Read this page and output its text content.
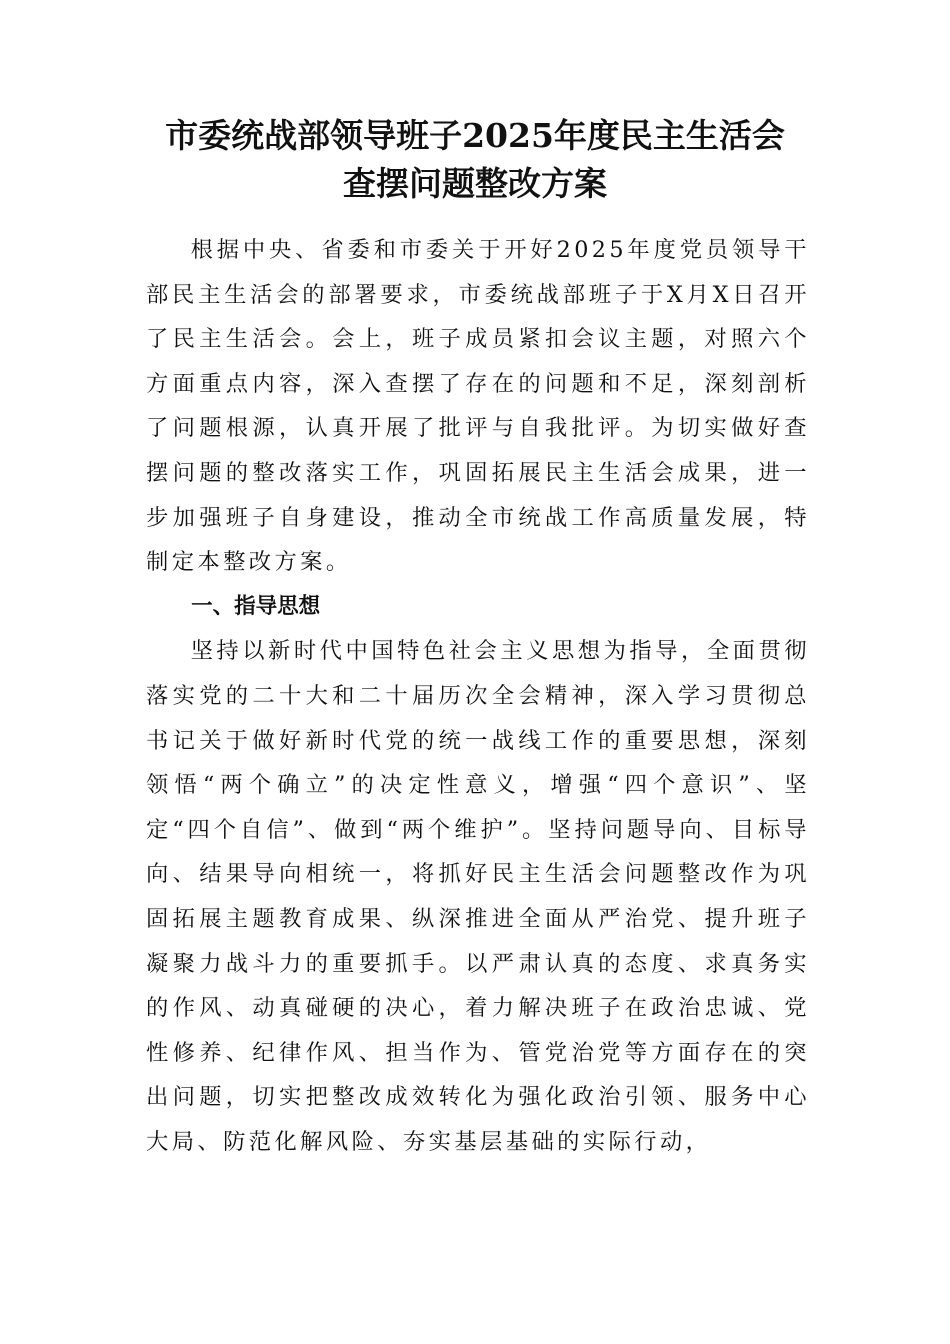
市委统战部领导班子2025年度民主生活会
查摆问题整改方案

根据中央、省委和市委关于开好2025年度党员领导干部民主生活会的部署要求，市委统战部班子于X月X日召开了民主生活会。会上，班子成员紧扣会议主题，对照六个方面重点内容，深入查摆了存在的问题和不足，深刻剖析了问题根源，认真开展了批评与自我批评。为切实做好查摆问题的整改落实工作，巩固拓展民主生活会成果，进一步加强班子自身建设，推动全市统战工作高质量发展，特制定本整改方案。

一、指导思想

坚持以新时代中国特色社会主义思想为指导，全面贯彻落实党的二十大和二十届历次全会精神，深入学习贯彻总书记关于做好新时代党的统一战线工作的重要思想，深刻领悟“两个确立”的决定性意义，增强“四个意识”、坚定“四个自信”、做到“两个维护”。坚持问题导向、目标导向、结果导向相统一，将抓好民主生活会问题整改作为巩固拓展主题教育成果、纵深推进全面从严治党、提升班子凝聚力战斗力的重要抓手。以严肃认真的态度、求真务实的作风、动真碰硬的决心，着力解决班子在政治忠诚、党性修养、纪律作风、担当作为、管党治党等方面存在的突出问题，切实把整改成效转化为强化政治引领、服务中心大局、防范化解风险、夯实基层基础的实际行动，
